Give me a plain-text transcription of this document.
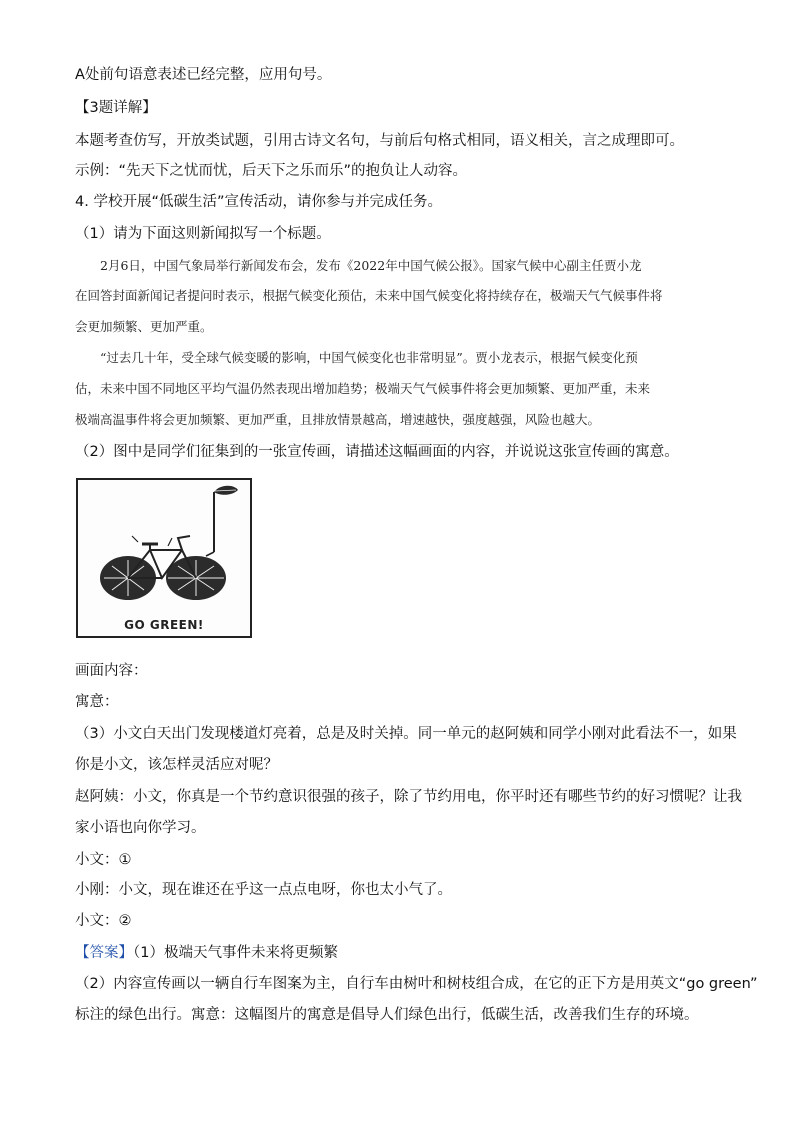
A处前句语意表述已经完整，应用句号。
【3题详解】
本题考查仿写，开放类试题，引用古诗文名句，与前后句格式相同，语义相关，言之成理即可。
示例：“先天下之忧而忧，后天下之乐而乐”的抱负让人动容。
4. 学校开展“低碳生活”宣传活动，请你参与并完成任务。
（1）请为下面这则新闻拟写一个标题。
2月6日，中国气象局举行新闻发布会，发布《2022年中国气候公报》。国家气候中心副主任贾小龙
在回答封面新闻记者提问时表示，根据气候变化预估，未来中国气候变化将持续存在，极端天气气候事件将
会更加频繁、更加严重。
“过去几十年，受全球气候变暖的影响，中国气候变化也非常明显”。贾小龙表示，根据气候变化预
估，未来中国不同地区平均气温仍然表现出增加趋势；极端天气气候事件将会更加频繁、更加严重，未来
极端高温事件将会更加频繁、更加严重，且排放情景越高，增速越快，强度越强，风险也越大。
（2）图中是同学们征集到的一张宣传画，请描述这幅画面的内容，并说说这张宣传画的寓意。
GO GREEN!
画面内容：
寓意：
（3）小文白天出门发现楼道灯亮着，总是及时关掉。同一单元的赵阿姨和同学小刚对此看法不一，如果
你是小文，该怎样灵活应对呢？
赵阿姨：小文，你真是一个节约意识很强的孩子，除了节约用电，你平时还有哪些节约的好习惯呢？让我
家小语也向你学习。
小文：①
小刚：小文，现在谁还在乎这一点点电呀，你也太小气了。
小文：②
【答案】（1）极端天气事件未来将更频繁
（2）内容宣传画以一辆自行车图案为主，自行车由树叶和树枝组合成，在它的正下方是用英文“go green”
标注的绿色出行。寓意：这幅图片的寓意是倡导人们绿色出行，低碳生活，改善我们生存的环境。
